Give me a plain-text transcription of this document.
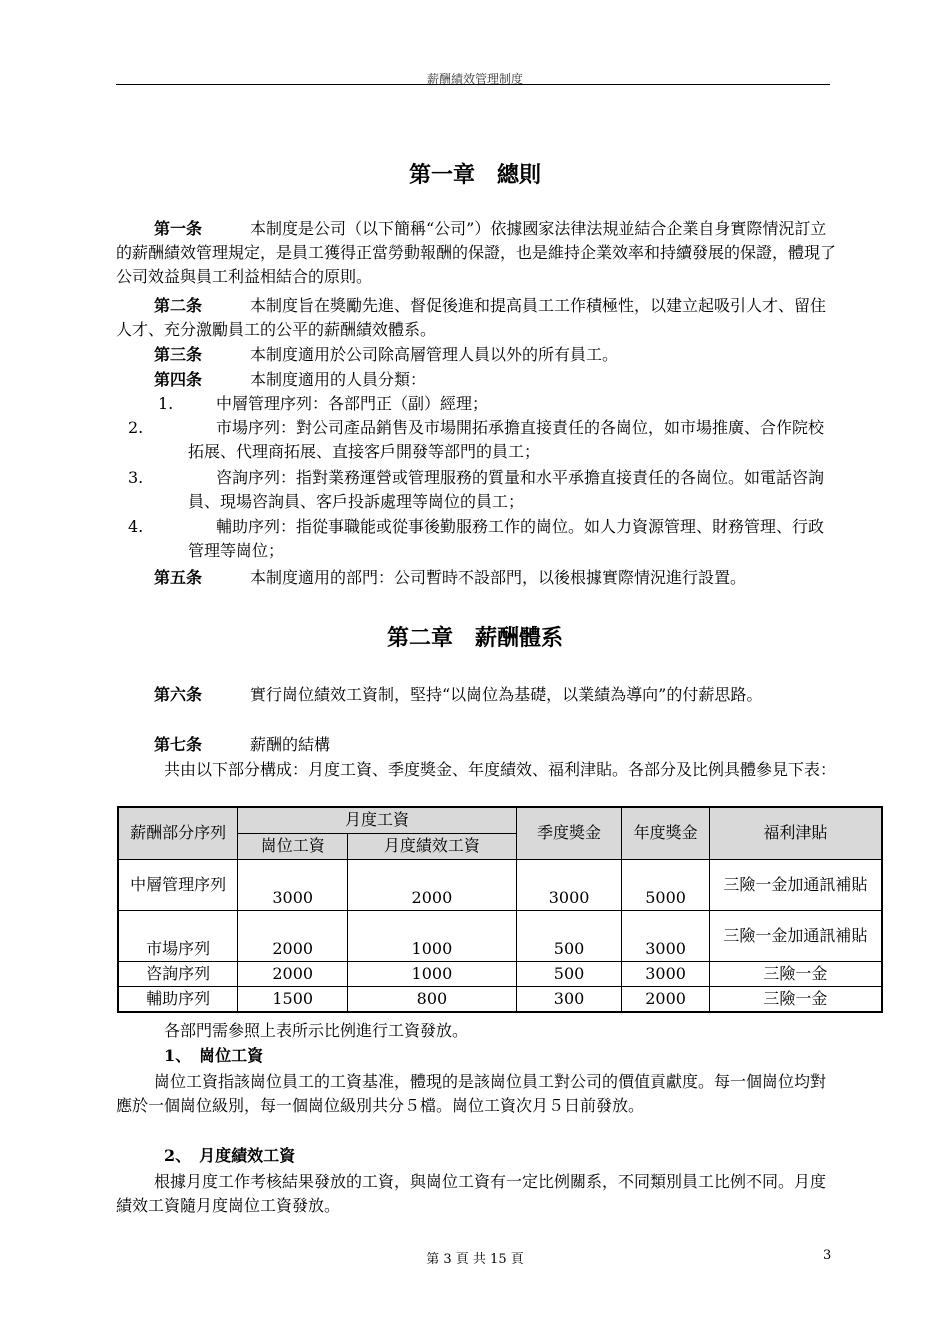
薪酬績效管理制度
第一章　總則

第一条	本制度是公司（以下簡稱“公司”）依據國家法律法規並結合企業自身實際情況訂立的薪酬績效管理規定，是員工獲得正當勞動報酬的保證，也是維持企業效率和持續發展的保證，體現了公司效益與員工利益相結合的原則。

第二条	本制度旨在獎勵先進、督促後進和提高員工工作積極性，以建立起吸引人才、留住人才、充分激勵員工的公平的薪酬績效體系。

第三条	本制度適用於公司除高層管理人員以外的所有員工。

第四条	本制度適用的人員分類：

1.	中層管理序列：各部門正（副）經理；
2.	市場序列：對公司產品銷售及市場開拓承擔直接責任的各崗位，如市場推廣、合作院校拓展、代理商拓展、直接客戶開發等部門的員工；
3.	咨詢序列：指對業務運營或管理服務的質量和水平承擔直接責任的各崗位。如電話咨詢員、現場咨詢員、客戶投訴處理等崗位的員工；
4.	輔助序列：指從事職能或從事後勤服務工作的崗位。如人力資源管理、財務管理、行政管理等崗位；

第五条	本制度適用的部門：公司暫時不設部門，以後根據實際情況進行設置。

第二章　薪酬體系

第六条	實行崗位績效工資制，堅持“以崗位為基礎，以業績為導向”的付薪思路。

第七条	薪酬的結構

共由以下部分構成：月度工資、季度獎金、年度績效、福利津貼。各部分及比例具體參見下表：

薪酬部分序列	月度工資		季度獎金	年度獎金	福利津貼
	崗位工資	月度績效工資			
中層管理序列	3000	2000	3000	5000	三險一金加通訊補貼
市場序列	2000	1000	500	3000	三險一金加通訊補貼
咨詢序列	2000	1000	500	3000	三險一金
輔助序列	1500	800	300	2000	三險一金

各部門需參照上表所示比例進行工資發放。

1、　崗位工資

崗位工資指該崗位員工的工資基准，體現的是該崗位員工對公司的價值貢獻度。每一個崗位均對應於一個崗位級別，每一個崗位級別共分５檔。崗位工資次月５日前發放。

2、　月度績效工資

根據月度工作考核結果發放的工資，與崗位工資有一定比例關系，不同類別員工比例不同。月度績效工資隨月度崗位工資發放。

第 3 頁 共 15 頁	3
